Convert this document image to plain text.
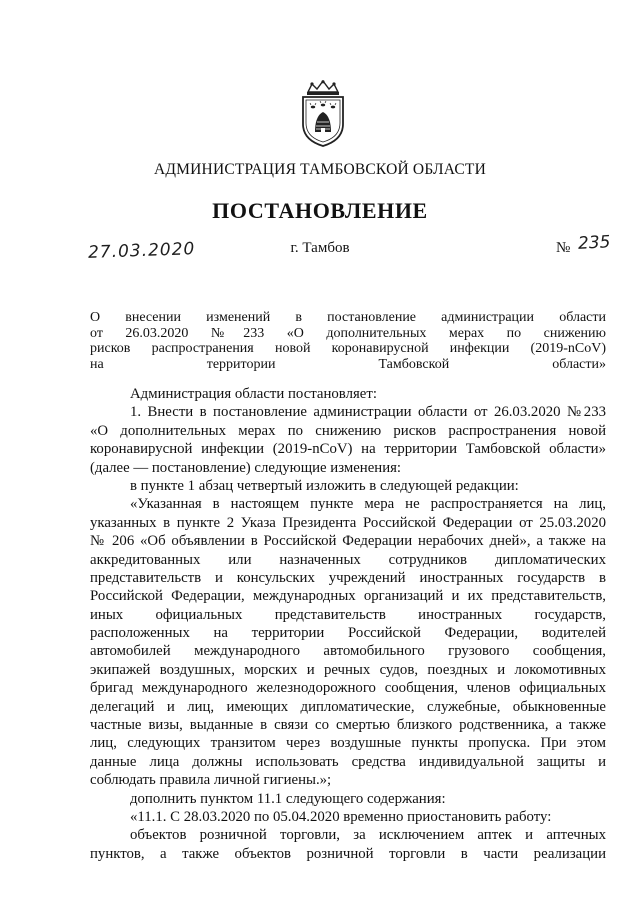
АДМИНИСТРАЦИЯ ТАМБОВСКОЙ ОБЛАСТИ
ПОСТАНОВЛЕНИЕ
27.03.2020	г. Тамбов	№ 235
О внесении изменений в постановление администрации области
от 26.03.2020 №233 «О дополнительных мерах по снижению
рисков распространения новой коронавирусной инфекции (2019-nCoV)
на территории Тамбовской области»
Администрация области постановляет:
1. Внести в постановление администрации области от 26.03.2020 №233
«О дополнительных мерах по снижению рисков распространения новой
коронавирусной инфекции (2019-nCoV) на территории Тамбовской области»
(далее — постановление) следующие изменения:
в пункте 1 абзац четвертый изложить в следующей редакции:
«Указанная в настоящем пункте мера не распространяется на лиц,
указанных в пункте 2 Указа Президента Российской Федерации от 25.03.2020
№ 206 «Об объявлении в Российской Федерации нерабочих дней», а также на
аккредитованных или назначенных сотрудников дипломатических
представительств и консульских учреждений иностранных государств в
Российской Федерации, международных организаций и их представительств,
иных официальных представительств иностранных государств,
расположенных на территории Российской Федерации, водителей
автомобилей международного автомобильного грузового сообщения,
экипажей воздушных, морских и речных судов, поездных и локомотивных
бригад международного железнодорожного сообщения, членов официальных
делегаций и лиц, имеющих дипломатические, служебные, обыкновенные
частные визы, выданные в связи со смертью близкого родственника, а также
лиц, следующих транзитом через воздушные пункты пропуска. При этом
данные лица должны использовать средства индивидуальной защиты и
соблюдать правила личной гигиены.»;
дополнить пунктом 11.1 следующего содержания:
«11.1. С 28.03.2020 по 05.04.2020 временно приостановить работу:
объектов розничной торговли, за исключением аптек и аптечных
пунктов, а также объектов розничной торговли в части реализации
